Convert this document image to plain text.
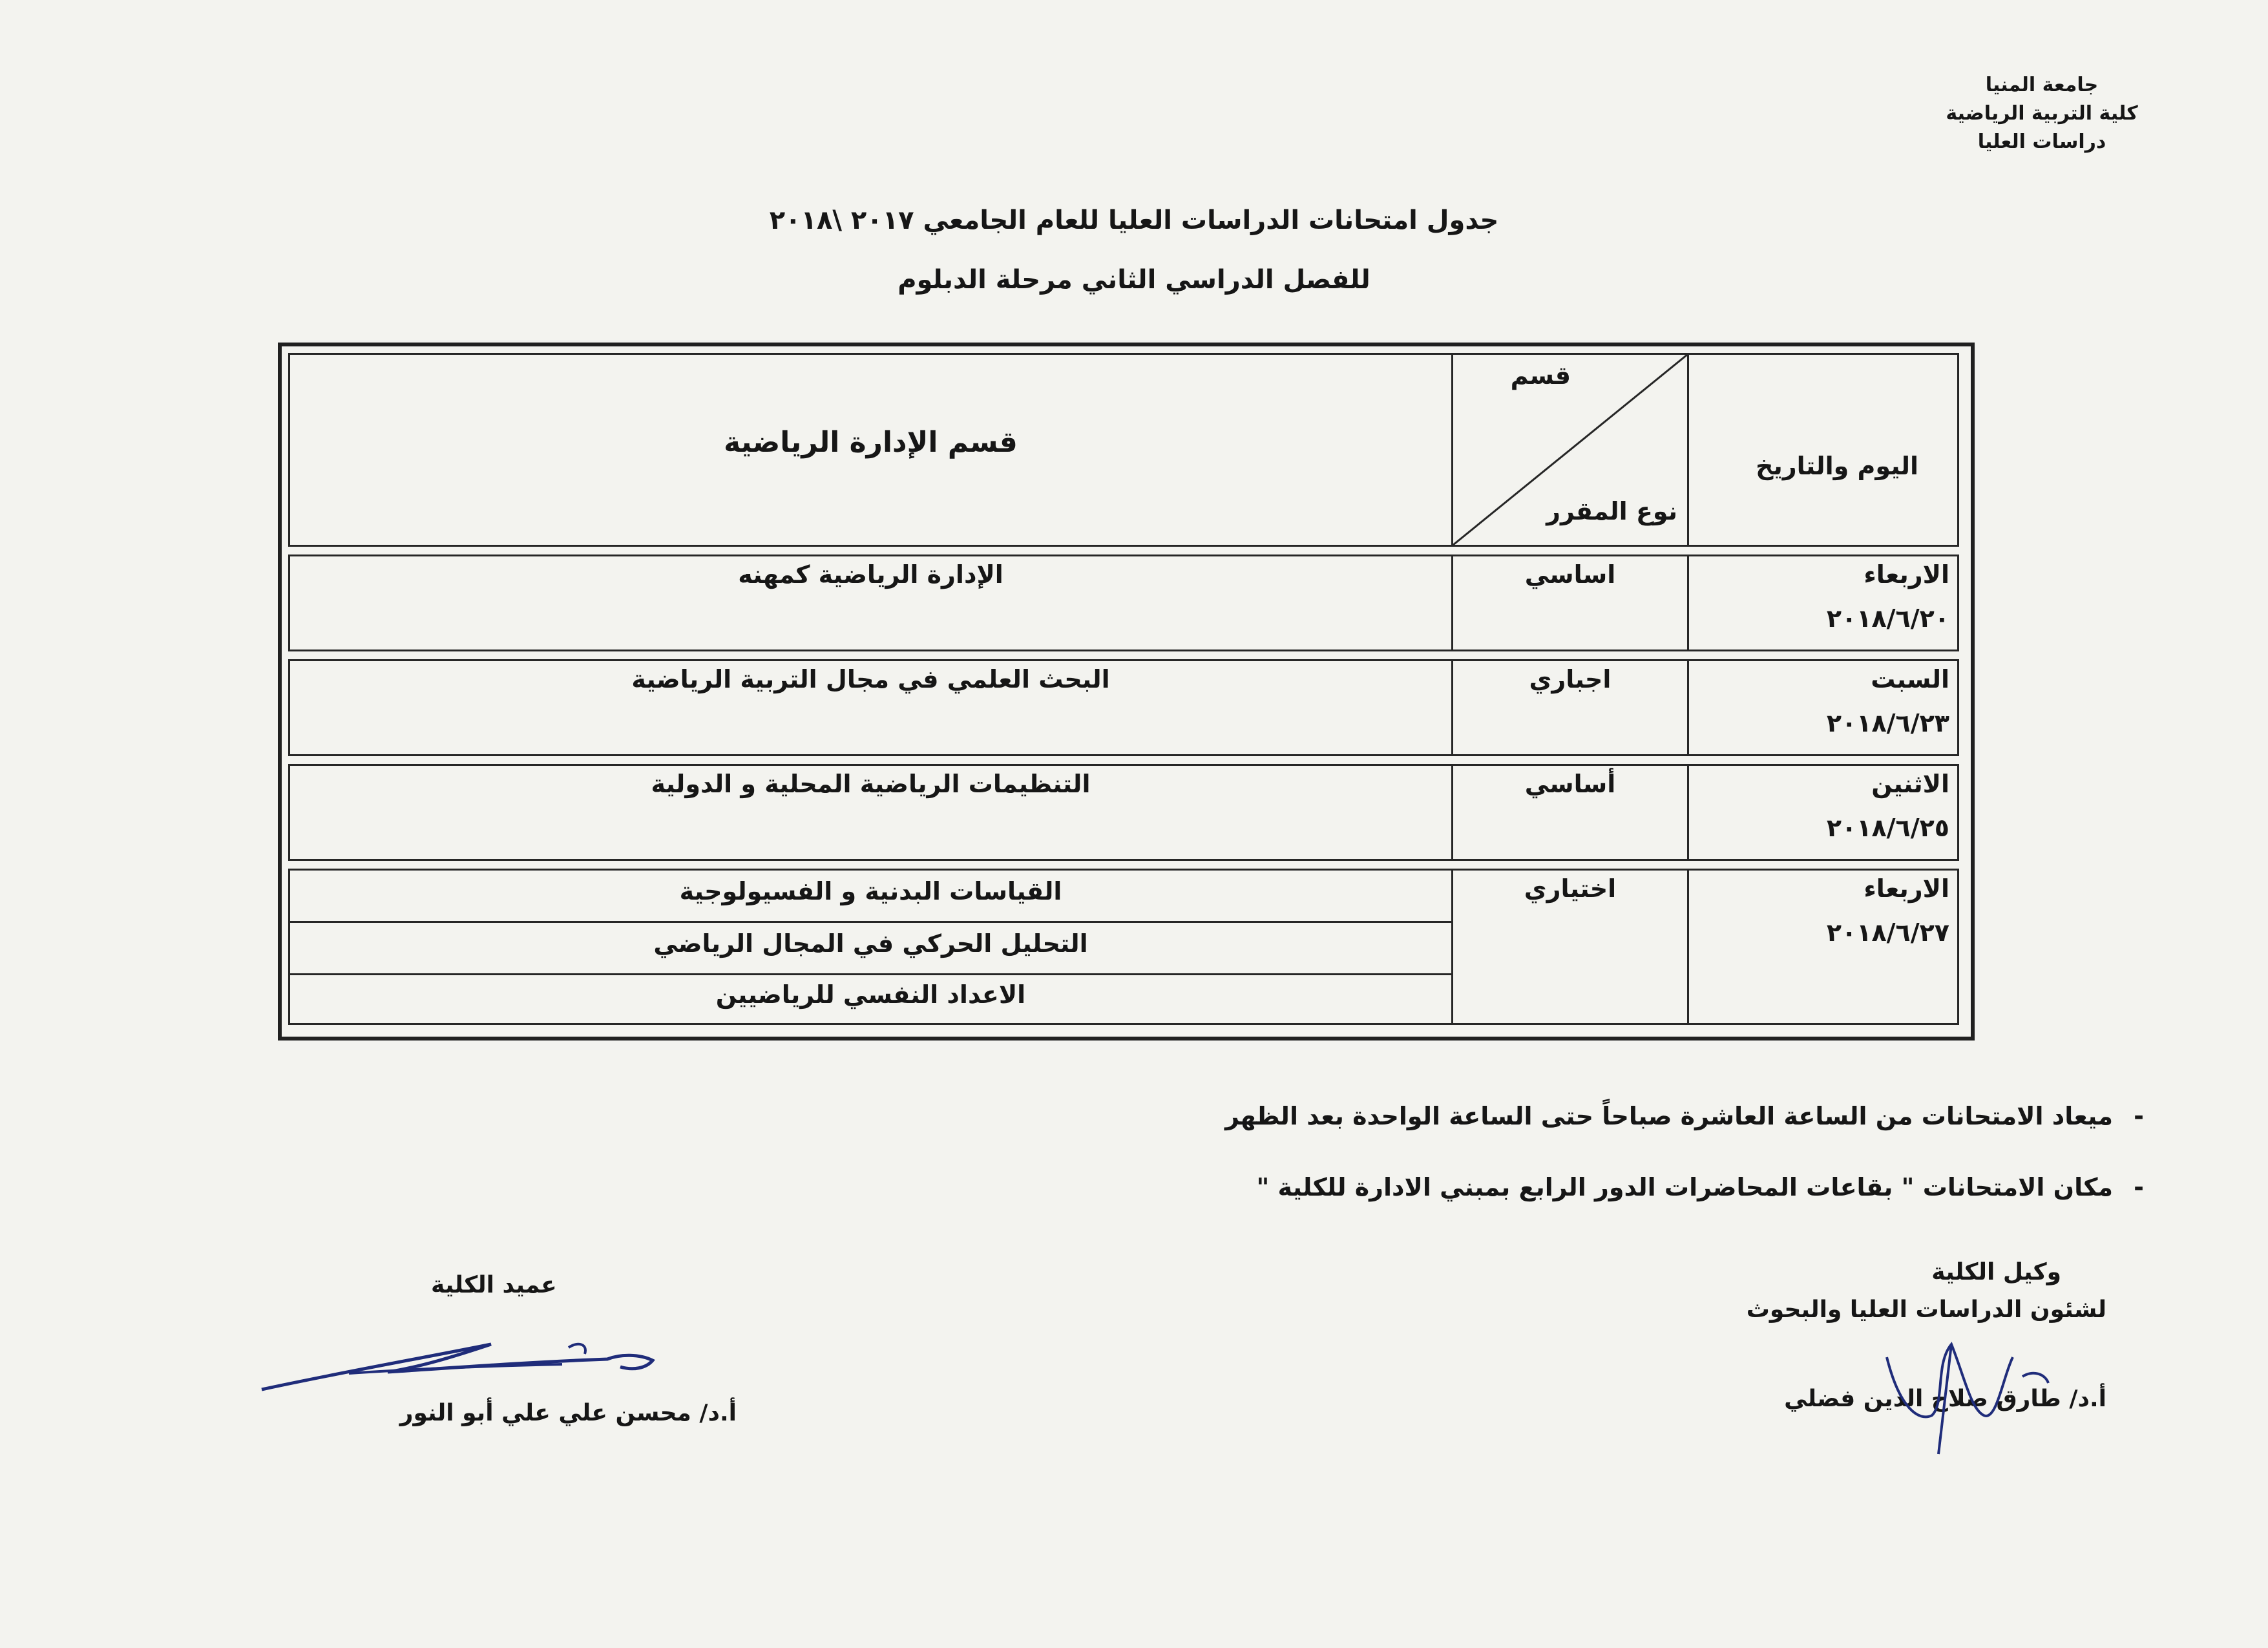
جامعة المنيا
كلية التربية الرياضية
دراسات العليا
جدول امتحانات الدراسات العليا للعام الجامعي ٢٠١٧ \٢٠١٨
للفصل الدراسي الثاني مرحلة الدبلوم
اليوم والتاريخ
قسم
نوع المقرر
قسم الإدارة الرياضية
الاربعاء
٢٠١٨/٦/٢٠
اساسي
الإدارة الرياضية كمهنه
السبت
٢٠١٨/٦/٢٣
اجباري
البحث العلمي في مجال التربية الرياضية
الاثنين
٢٠١٨/٦/٢٥
أساسي
التنظيمات الرياضية المحلية و الدولية
الاربعاء
٢٠١٨/٦/٢٧
اختياري
القياسات البدنية و الفسيولوجية
التحليل الحركي في المجال الرياضي
الاعداد النفسي للرياضيين
-ميعاد الامتحانات من الساعة العاشرة صباحاً حتى الساعة الواحدة بعد الظهر
-مكان الامتحانات " بقاعات المحاضرات الدور الرابع بمبني الادارة للكلية "
وكيل الكلية
لشئون الدراسات العليا والبحوث
أ.د/ طارق صلاح الدين فضلي
عميد الكلية
أ.د/ محسن علي علي أبو النور
